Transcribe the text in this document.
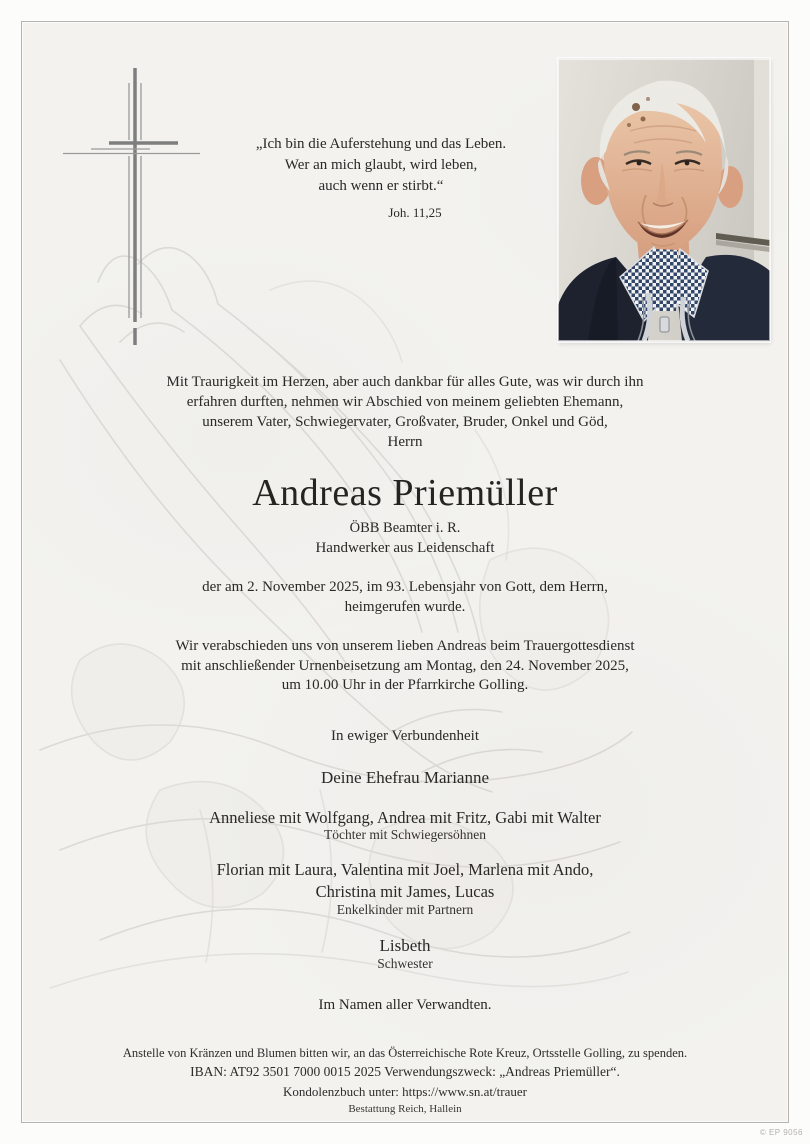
„Ich bin die Auferstehung und das Leben.
Wer an mich glaubt, wird leben,
auch wenn er stirbt.“
Joh. 11,25
Mit Traurigkeit im Herzen, aber auch dankbar für alles Gute, was wir durch ihn
erfahren durften, nehmen wir Abschied von meinem geliebten Ehemann,
unserem Vater, Schwiegervater, Großvater, Bruder, Onkel und Göd,
Herrn
Andreas Priemüller
ÖBB Beamter i. R.
Handwerker aus Leidenschaft
der am 2. November 2025, im 93. Lebensjahr von Gott, dem Herrn,
heimgerufen wurde.
Wir verabschieden uns von unserem lieben Andreas beim Trauergottesdienst
mit anschließender Urnenbeisetzung am Montag, den 24. November 2025,
um 10.00 Uhr in der Pfarrkirche Golling.
In ewiger Verbundenheit
Deine Ehefrau Marianne
Anneliese mit Wolfgang, Andrea mit Fritz, Gabi mit Walter
Töchter mit Schwiegersöhnen
Florian mit Laura, Valentina mit Joel, Marlena mit Ando,
Christina mit James, Lucas
Enkelkinder mit Partnern
Lisbeth
Schwester
Im Namen aller Verwandten.
Anstelle von Kränzen und Blumen bitten wir, an das Österreichische Rote Kreuz, Ortsstelle Golling, zu spenden.
IBAN: AT92 3501 7000 0015 2025 Verwendungszweck: „Andreas Priemüller“.
Kondolenzbuch unter: https://www.sn.at/trauer
Bestattung Reich, Hallein
© EP 9056
